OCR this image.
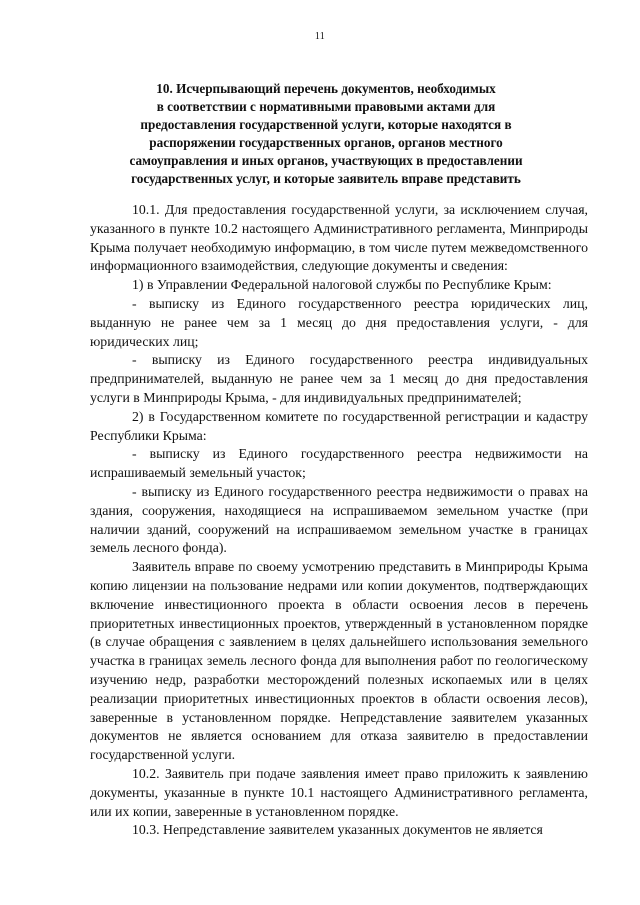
11
10. Исчерпывающий перечень документов, необходимых
в соответствии с нормативными правовыми актами для
предоставления государственной услуги, которые находятся в
распоряжении государственных органов, органов местного
самоуправления и иных органов, участвующих в предоставлении
государственных услуг, и которые заявитель вправе представить

10.1. Для предоставления государственной услуги, за исключением случая, указанного в пункте 10.2 настоящего Административного регламента, Минприроды Крыма получает необходимую информацию, в том числе путем межведомственного информационного взаимодействия, следующие документы и сведения:

1) в Управлении Федеральной налоговой службы по Республике Крым:

- выписку из Единого государственного реестра юридических лиц, выданную не ранее чем за 1 месяц до дня предоставления услуги, - для юридических лиц;

- выписку из Единого государственного реестра индивидуальных предпринимателей, выданную не ранее чем за 1 месяц до дня предоставления услуги в Минприроды Крыма, - для индивидуальных предпринимателей;

2) в Государственном комитете по государственной регистрации и кадастру Республики Крыма:

- выписку из Единого государственного реестра недвижимости на испрашиваемый земельный участок;

- выписку из Единого государственного реестра недвижимости о правах на здания, сооружения, находящиеся на испрашиваемом земельном участке (при наличии зданий, сооружений на испрашиваемом земельном участке в границах земель лесного фонда).

Заявитель вправе по своему усмотрению представить в Минприроды Крыма копию лицензии на пользование недрами или копии документов, подтверждающих включение инвестиционного проекта в области освоения лесов в перечень приоритетных инвестиционных проектов, утвержденный в установленном порядке (в случае обращения с заявлением в целях дальнейшего использования земельного участка в границах земель лесного фонда для выполнения работ по геологическому изучению недр, разработки месторождений полезных ископаемых или в целях реализации приоритетных инвестиционных проектов в области освоения лесов), заверенные в установленном порядке. Непредставление заявителем указанных документов не является основанием для отказа заявителю в предоставлении государственной услуги.

10.2. Заявитель при подаче заявления имеет право приложить к заявлению документы, указанные в пункте 10.1 настоящего Административного регламента, или их копии, заверенные в установленном порядке.

10.3. Непредставление заявителем указанных документов не является
